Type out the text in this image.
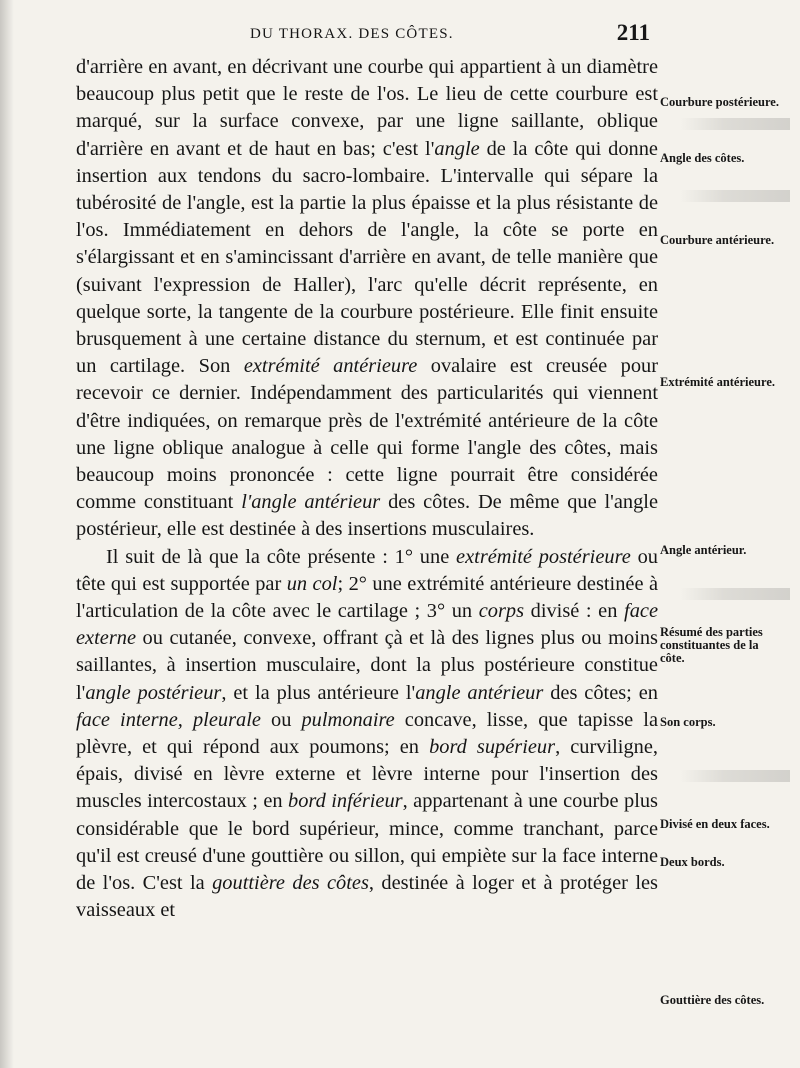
DU THORAX. DES CÔTES.	211

d'arrière en avant, en décrivant une courbe qui appartient à un diamètre beaucoup plus petit que le reste de l'os. Le lieu de cette courbure est marqué, sur la surface convexe, par une ligne saillante, oblique d'arrière en avant et de haut en bas; c'est l'angle de la côte qui donne insertion aux tendons du sacro-lombaire. L'intervalle qui sépare la tubérosité de l'angle, est la partie la plus épaisse et la plus résistante de l'os. Immédiatement en dehors de l'angle, la côte se porte en s'élargissant et en s'amincissant d'arrière en avant, de telle manière que (suivant l'expression de Haller), l'arc qu'elle décrit représente, en quelque sorte, la tangente de la courbure postérieure. Elle finit ensuite brusquement à une certaine distance du sternum, et est continuée par un cartilage. Son extrémité antérieure ovalaire est creusée pour recevoir ce dernier. Indépendamment des particularités qui viennent d'être indiquées, on remarque près de l'extrémité antérieure de la côte une ligne oblique analogue à celle qui forme l'angle des côtes, mais beaucoup moins prononcée : cette ligne pourrait être considérée comme constituant l'angle antérieur des côtes. De même que l'angle postérieur, elle est destinée à des insertions musculaires.

Il suit de là que la côte présente : 1° une extrémité postérieure ou tête qui est supportée par un col; 2° une extrémité antérieure destinée à l'articulation de la côte avec le cartilage ; 3° un corps divisé : en face externe ou cutanée, convexe, offrant çà et là des lignes plus ou moins saillantes, à insertion musculaire, dont la plus postérieure constitue l'angle postérieur, et la plus antérieure l'angle antérieur des côtes; en face interne, pleurale ou pulmonaire concave, lisse, que tapisse la plèvre, et qui répond aux poumons; en bord supérieur, curviligne, épais, divisé en lèvre externe et lèvre interne pour l'insertion des muscles intercostaux ; en bord inférieur, appartenant à une courbe plus considérable que le bord supérieur, mince, comme tranchant, parce qu'il est creusé d'une gouttière ou sillon, qui empiète sur la face interne de l'os. C'est la gouttière des côtes, destinée à loger et à protéger les vaisseaux et

Courbure postérieure.
Angle des côtes.
Courbure antérieure.
Extrémité antérieure.
Angle antérieur.
Résumé des parties constituantes de la côte.
Son corps.
Divisé en deux faces.
Deux bords.
Gouttière des côtes.
